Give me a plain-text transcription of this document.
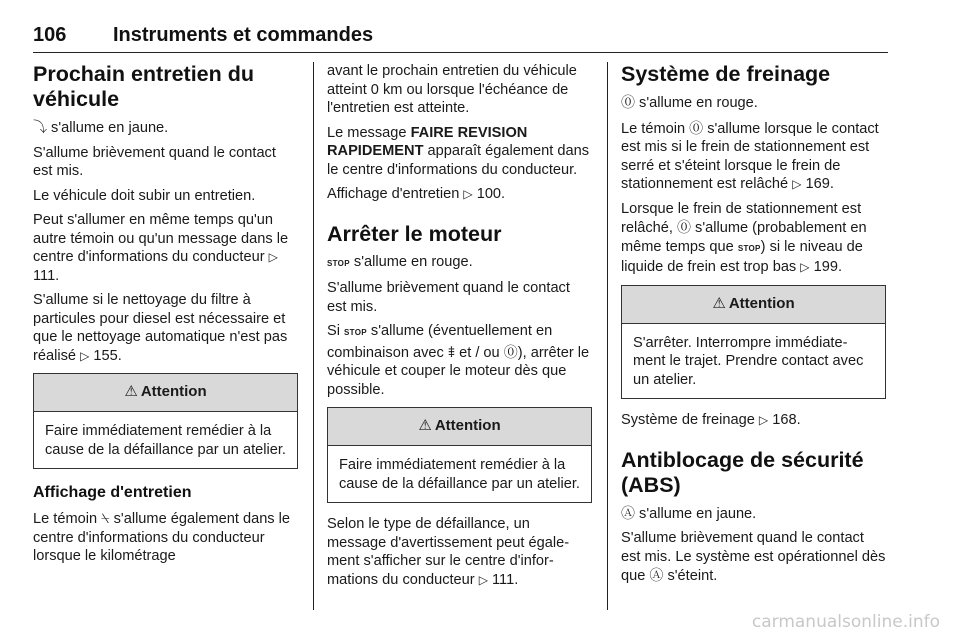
106 Instruments et commandes
Prochain entretien du véhicule

⤵ s'allume en jaune.

S'allume brièvement quand le contact est mis.

Le véhicule doit subir un entretien.

Peut s'allumer en même temps qu'un autre témoin ou qu'un message dans le centre d'informations du conducteur ▷ 111.

S'allume si le nettoyage du filtre à particules pour diesel est nécessaire et que le nettoyage automatique n'est pas réalisé ▷ 155.

⚠ Attention
Faire immédiatement remédier à la cause de la défaillance par un atelier.
Affichage d'entretien

Le témoin ⍀ s'allume également dans le centre d'informations du conducteur lorsque le kilométrage

avant le prochain entretien du véhicule atteint 0 km ou lorsque l'échéance de l'entretien est atteinte.

Le message FAIRE REVISION RAPIDEMENT apparaît également dans le centre d'informations du conducteur.

Affichage d'entretien ▷ 100.

Arrêter le moteur

STOP s'allume en rouge.

S'allume brièvement quand le contact est mis.

Si STOP s'allume (éventuellement en combinaison avec ⹋ et / ou ⓪), arrêter le véhicule et couper le moteur dès que possible.

⚠ Attention
Faire immédiatement remédier à la cause de la défaillance par un atelier.

Selon le type de défaillance, un message d'avertissement peut également s'afficher sur le centre d'informations du conducteur ▷ 111.

Système de freinage

⓪ s'allume en rouge.

Le témoin ⓪ s'allume lorsque le contact est mis si le frein de stationnement est serré et s'éteint lorsque le frein de stationnement est relâché ▷ 169.

Lorsque le frein de stationnement est relâché, ⓪ s'allume (probablement en même temps que STOP) si le niveau de liquide de frein est trop bas ▷ 199.

⚠ Attention
S'arrêter. Interrompre immédiatement le trajet. Prendre contact avec un atelier.

Système de freinage ▷ 168.

Antiblocage de sécurité (ABS)

Ⓐ s'allume en jaune.

S'allume brièvement quand le contact est mis. Le système est opérationnel dès que Ⓐ s'éteint.

carmanualsonline.info
